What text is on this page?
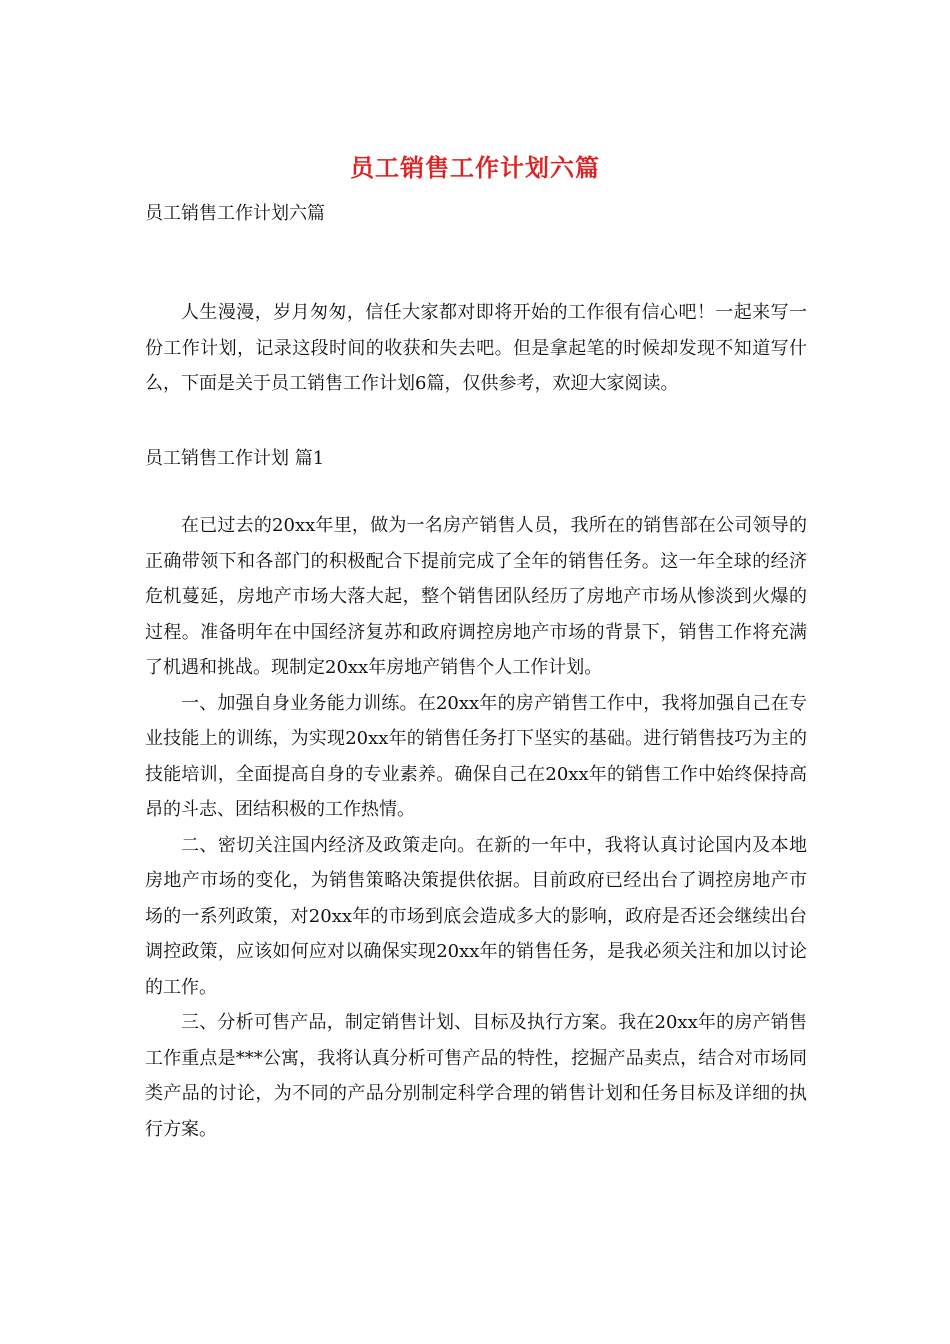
员工销售工作计划六篇
员工销售工作计划六篇

人生漫漫，岁月匆匆，信任大家都对即将开始的工作很有信心吧！一起来写一份工作计划，记录这段时间的收获和失去吧。但是拿起笔的时候却发现不知道写什么，下面是关于员工销售工作计划6篇，仅供参考，欢迎大家阅读。

员工销售工作计划 篇1

在已过去的20xx年里，做为一名房产销售人员，我所在的销售部在公司领导的正确带领下和各部门的积极配合下提前完成了全年的销售任务。这一年全球的经济危机蔓延，房地产市场大落大起，整个销售团队经历了房地产市场从惨淡到火爆的过程。准备明年在中国经济复苏和政府调控房地产市场的背景下，销售工作将充满了机遇和挑战。现制定20xx年房地产销售个人工作计划。

一、加强自身业务能力训练。在20xx年的房产销售工作中，我将加强自己在专业技能上的训练，为实现20xx年的销售任务打下坚实的基础。进行销售技巧为主的技能培训，全面提高自身的专业素养。确保自己在20xx年的销售工作中始终保持高昂的斗志、团结积极的工作热情。

二、密切关注国内经济及政策走向。在新的一年中，我将认真讨论国内及本地房地产市场的变化，为销售策略决策提供依据。目前政府已经出台了调控房地产市场的一系列政策，对20xx年的市场到底会造成多大的影响，政府是否还会继续出台调控政策，应该如何应对以确保实现20xx年的销售任务，是我必须关注和加以讨论的工作。

三、分析可售产品，制定销售计划、目标及执行方案。我在20xx年的房产销售工作重点是***公寓，我将认真分析可售产品的特性，挖掘产品卖点，结合对市场同类产品的讨论，为不同的产品分别制定科学合理的销售计划和任务目标及详细的执行方案。
